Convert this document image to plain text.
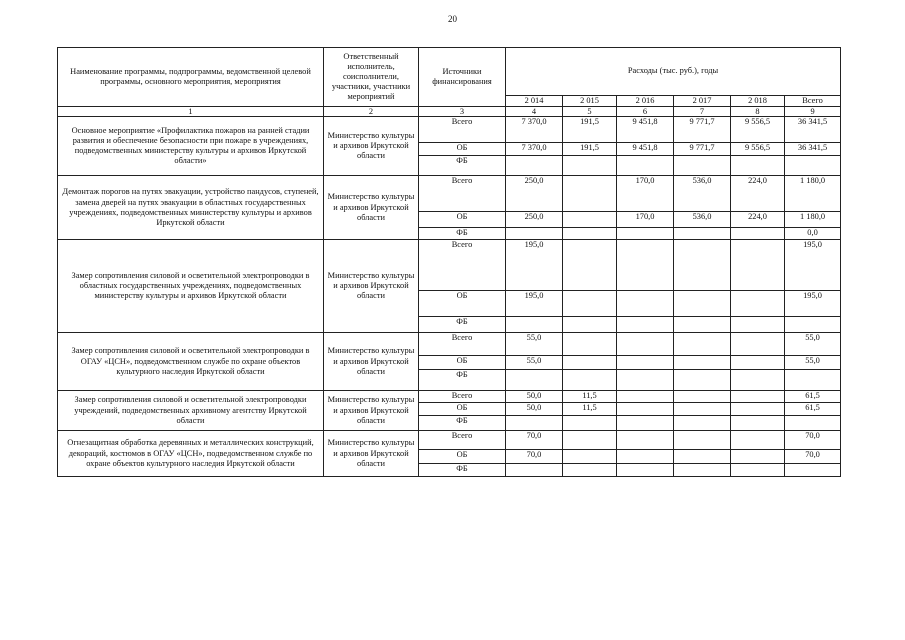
20
Наименование программы, подпрограммы, ведомственной целевой программы, основного мероприятия, мероприятия	Ответственный исполнитель, соисполнители, участники, участники мероприятий	Источники финансирования	Расходы (тыс. руб.), годы					
			2 014	2 015	2 016	2 017	2 018	Всего
1	2	3	4	5	6	7	8	9
Основное мероприятие «Профилактика пожаров на ранней стадии развития и обеспечение безопасности при пожаре в учреждениях, подведомственных министерству культуры и архивов Иркутской области»	Министерство культуры и архивов Иркутской области	Всего	7 370,0	191,5	9 451,8	9 771,7	9 556,5	36 341,5
		ОБ	7 370,0	191,5	9 451,8	9 771,7	9 556,5	36 341,5
		ФБ						
Демонтаж порогов на путях эвакуации, устройство пандусов, ступеней, замена дверей на путях эвакуации в областных государственных учреждениях, подведомственных министерству культуры и архивов Иркутской области	Министерство культуры и архивов Иркутской области	Всего	250,0		170,0	536,0	224,0	1 180,0
		ОБ	250,0		170,0	536,0	224,0	1 180,0
		ФБ						0,0
Замер сопротивления силовой и осветительной электропроводки в областных государственных учреждениях, подведомственных министерству культуры и архивов Иркутской области	Министерство культуры и архивов Иркутской области	Всего	195,0					195,0
		ОБ	195,0					195,0
		ФБ						
Замер сопротивления силовой и осветительной электропроводки в ОГАУ «ЦСН», подведомственном службе по охране объектов культурного наследия Иркутской области	Министерство культуры и архивов Иркутской области	Всего	55,0					55,0
		ОБ	55,0					55,0
		ФБ						
Замер сопротивления силовой и осветительной электропроводки учреждений, подведомственных архивному агентству Иркутской области	Министерство культуры и архивов Иркутской области	Всего	50,0	11,5				61,5
		ОБ	50,0	11,5				61,5
		ФБ						
Огнезащитная обработка деревянных и металлических конструкций, декораций, костюмов в ОГАУ «ЦСН», подведомственном службе по охране объектов культурного наследия Иркутской области	Министерство культуры и архивов Иркутской области	Всего	70,0					70,0
		ОБ	70,0					70,0
		ФБ						
